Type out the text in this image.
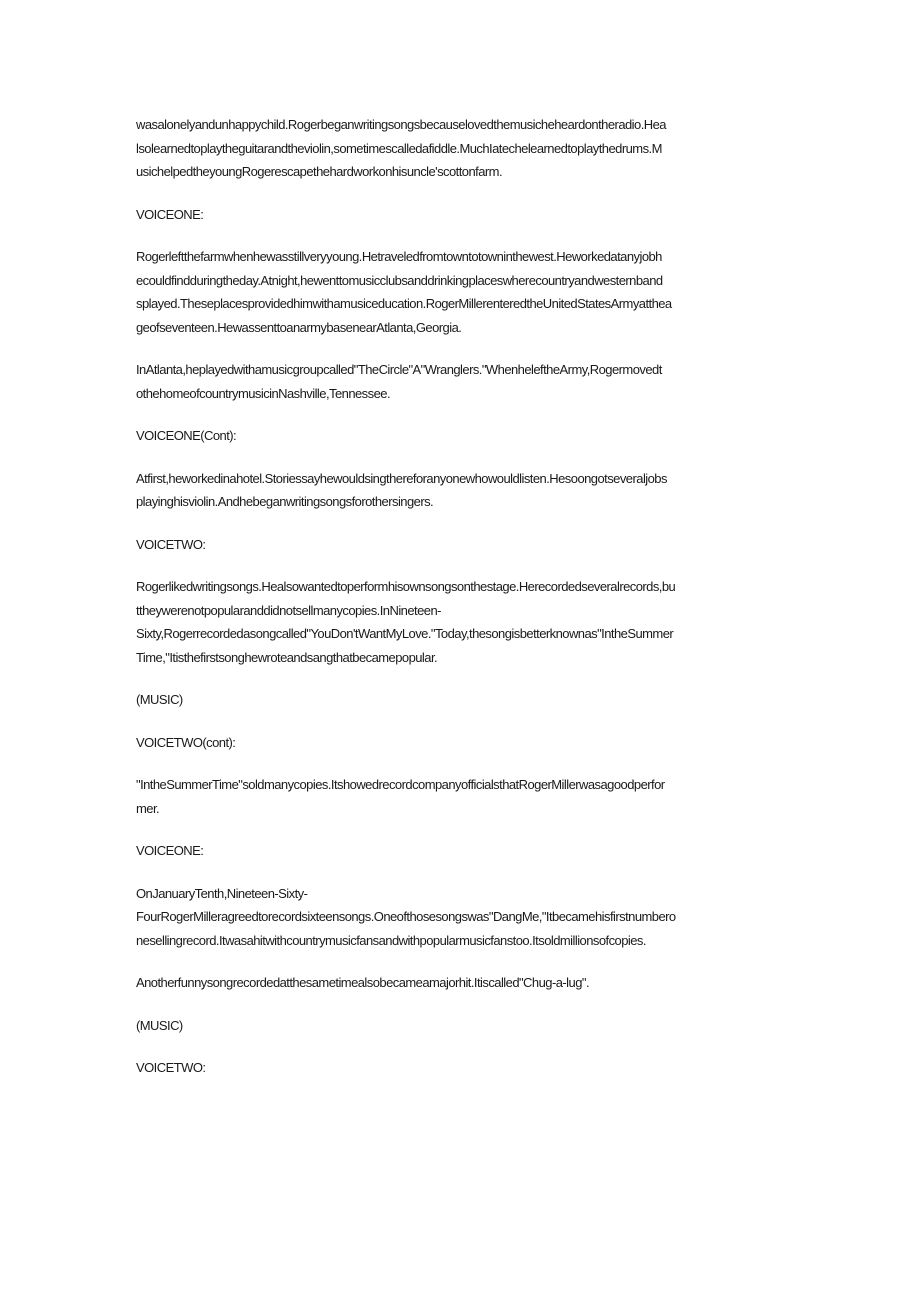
wasalonelyandunhappychild.Rogerbeganwritingsongsbecauselovedthemusicheheardontheradio.Hea
lsolearnedtoplaytheguitarandtheviolin,sometimescalledafiddle.MuchIatechelearnedtoplaythedrums.M
usichelpedtheyoungRogerescapethehardworkonhisuncle'scottonfarm.

VOICEONE:

Rogerleftthefarmwhenhewasstillveryyoung.Hetraveledfromtowntotowninthewest.Heworkedatanyjobh
ecouldfindduringtheday.Atnight,hewenttomusicclubsanddrinkingplaceswherecountryandwesternband
splayed.Theseplacesprovidedhimwithamusiceducation.RogerMillerenteredtheUnitedStatesArmyatthea
geofseventeen.HewassenttoanarmybasenearAtlanta,Georgia.

InAtlanta,heplayedwithamusicgroupcalled"TheCircle"A"Wranglers."WhenheleftheArmy,Rogermovedt
othehomeofcountrymusicinNashville,Tennessee.

VOICEONE(Cont):

Atfirst,heworkedinahotel.Storiessayhewouldsingthereforanyonewhowouldlisten.Hesoongotseveraljobs
playinghisviolin.Andhebeganwritingsongsforothersingers.

VOICETWO:

Rogerlikedwritingsongs.Healsowantedtoperformhisownsongsonthestage.Herecordedseveralrecords,bu
ttheywerenotpopularanddidnotsellmanycopies.InNineteen-
Sixty,Rogerrecordedasongcalled"YouDon'tWantMyLove."Today,thesongisbetterknownas"IntheSummer
Time,"Itisthefirstsonghewroteandsangthatbecamepopular.

(MUSIC)

VOICETWO(cont):

"IntheSummerTime"soldmanycopies.ItshowedrecordcompanyofficialsthatRogerMillerwasagoodperfor
mer.

VOICEONE:

OnJanuaryTenth,Nineteen-Sixty-
FourRogerMilleragreedtorecordsixteensongs.Oneofthosesongswas"DangMe,"Itbecamehisfirstnumbero
nesellingrecord.Itwasahitwithcountrymusicfansandwithpopularmusicfanstoo.Itsoldmillionsofcopies.

Anotherfunnysongrecordedatthesametimealsobecameamajorhit.Itiscalled"Chug-a-lug".

(MUSIC)

VOICETWO:
